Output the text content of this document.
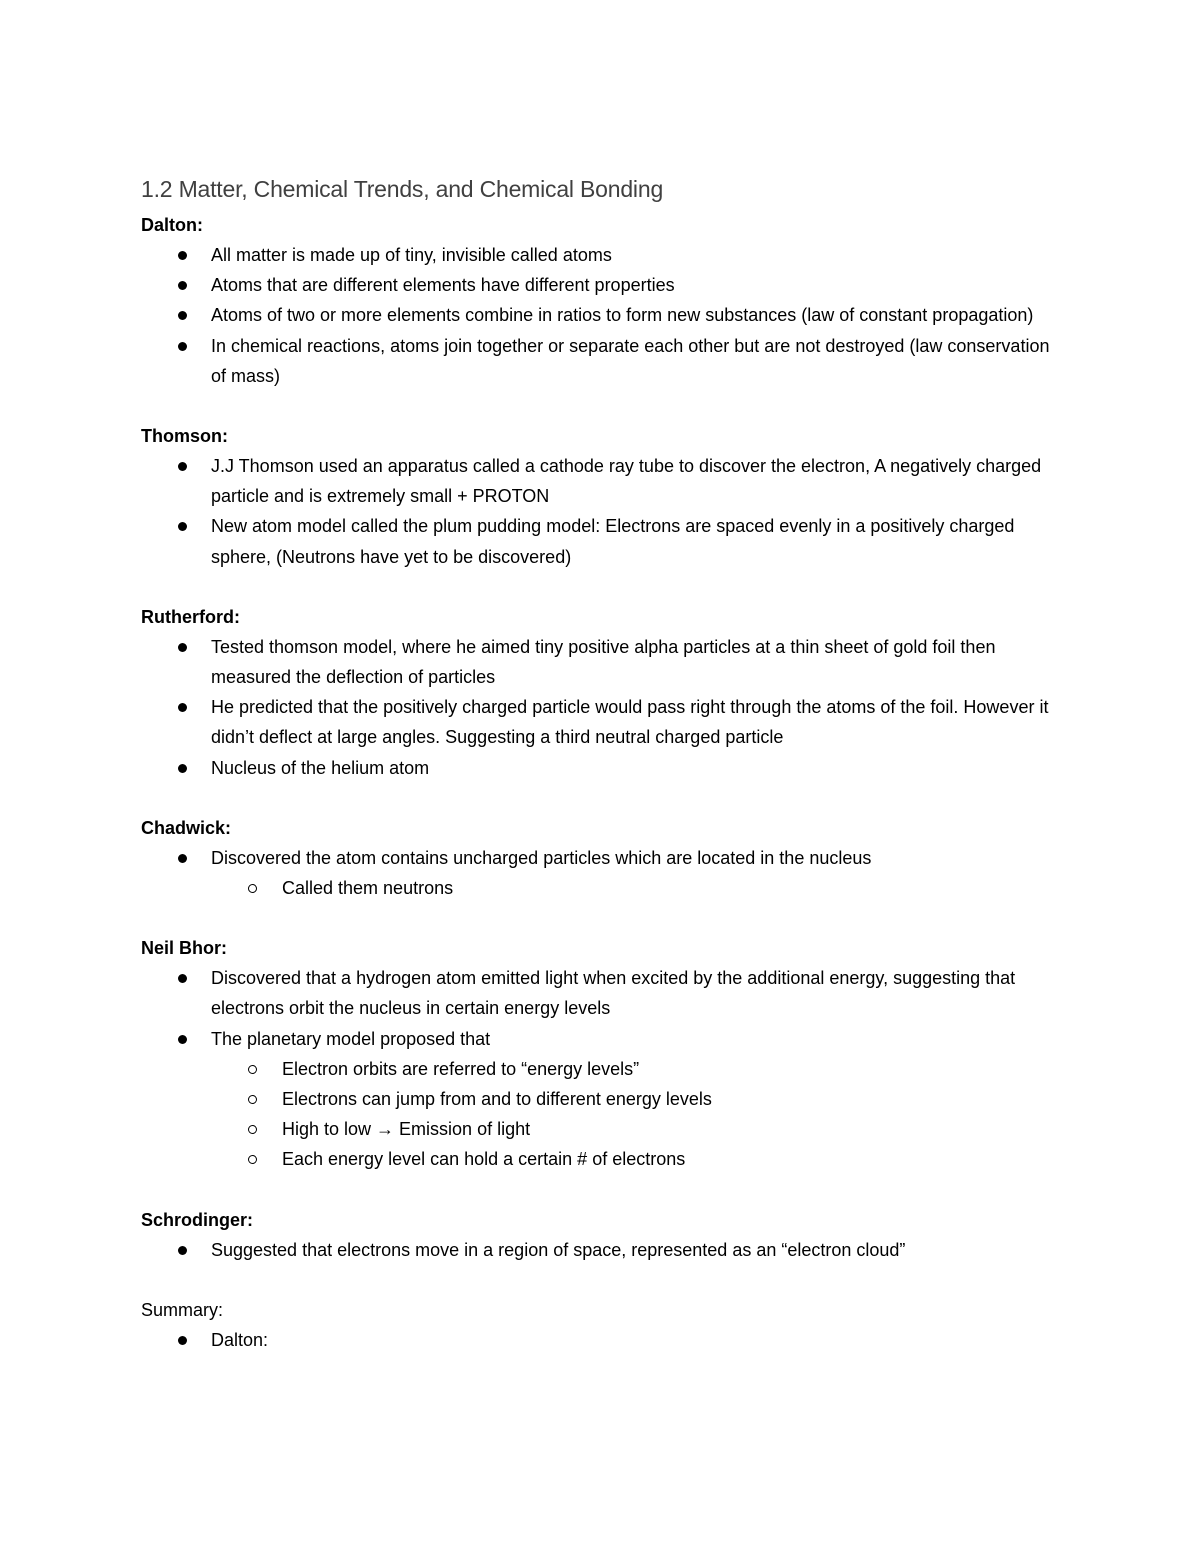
1.2 Matter, Chemical Trends, and Chemical Bonding
Dalton:
All matter is made up of tiny, invisible called atoms
Atoms that are different elements have different properties
Atoms of two or more elements combine in ratios to form new substances (law of constant propagation)
In chemical reactions, atoms join together or separate each other but are not destroyed (law conservation of mass)
Thomson:
J.J Thomson used an apparatus called a cathode ray tube to discover the electron, A negatively charged particle and is extremely small + PROTON
New atom model called the plum pudding model: Electrons are spaced evenly in a positively charged sphere, (Neutrons have yet to be discovered)
Rutherford:
Tested thomson model, where he aimed tiny positive alpha particles at a thin sheet of gold foil then measured the deflection of particles
He predicted that the positively charged particle would pass right through the atoms of the foil. However it didn’t deflect at large angles. Suggesting a third neutral charged particle
Nucleus of the helium atom
Chadwick:
Discovered the atom contains uncharged particles which are located in the nucleus
Called them neutrons
Neil Bhor:
Discovered that a hydrogen atom emitted light when excited by the additional energy, suggesting that electrons orbit the nucleus in certain energy levels
The planetary model proposed that
Electron orbits are referred to “energy levels”
Electrons can jump from and to different energy levels
High to low → Emission of light
Each energy level can hold a certain # of electrons
Schrodinger:
Suggested that electrons move in a region of space, represented as an “electron cloud”
Summary:
Dalton:
